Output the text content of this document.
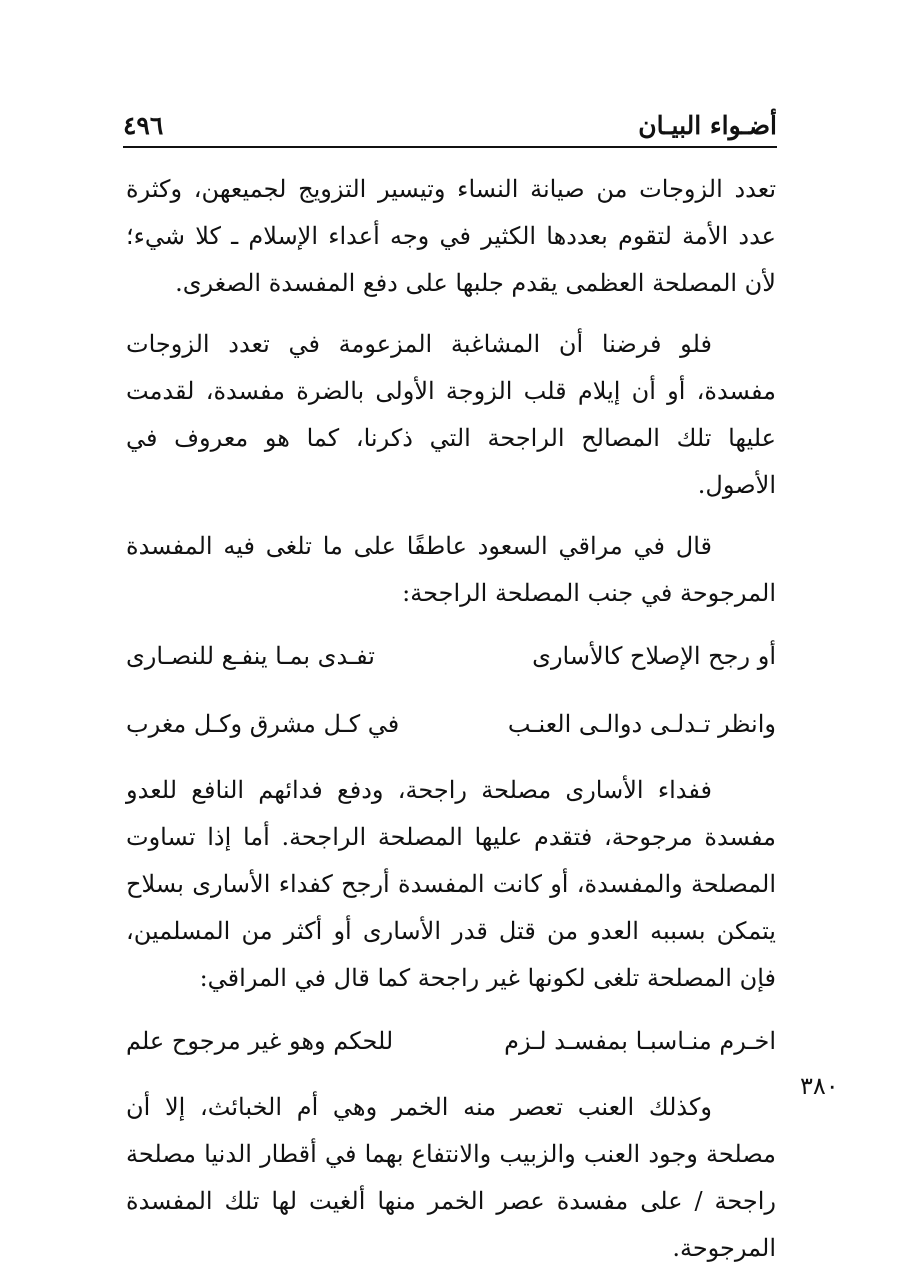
أضـواء البيـان
٤٩٦

تعدد الزوجات من صيانة النساء وتيسير التزويج لجميعهن، وكثرة عدد الأمة لتقوم بعددها الكثير في وجه أعداء الإسلام ـ كلا شيء؛ لأن المصلحة العظمى يقدم جلبها على دفع المفسدة الصغرى.

فلو فرضنا أن المشاغبة المزعومة في تعدد الزوجات مفسدة، أو أن إيلام قلب الزوجة الأولى بالضرة مفسدة، لقدمت عليها تلك المصالح الراجحة التي ذكرنا، كما هو معروف في الأصول.

قال في مراقي السعود عاطفًا على ما تلغى فيه المفسدة المرجوحة في جنب المصلحة الراجحة:

أو رجح الإصلاح كالأسارى
تفـدى بمـا ينفـع للنصـارى
وانظر تـدلـى دوالـى العنـب
في كـل مشرق وكـل مغرب

ففداء الأسارى مصلحة راجحة، ودفع فدائهم النافع للعدو مفسدة مرجوحة، فتقدم عليها المصلحة الراجحة. أما إذا تساوت المصلحة والمفسدة، أو كانت المفسدة أرجح كفداء الأسارى بسلاح يتمكن بسببه العدو من قتل قدر الأسارى أو أكثر من المسلمين، فإن المصلحة تلغى لكونها غير راجحة كما قال في المراقي:

اخـرم منـاسبـا بمفسـد لـزم
للحكم وهو غير مرجوح علم

وكذلك العنب تعصر منه الخمر وهي أم الخبائث، إلا أن مصلحة وجود العنب والزبيب والانتفاع بهما في أقطار الدنيا مصلحة راجحة / على مفسدة عصر الخمر منها ألغيت لها تلك المفسدة المرجوحة.

٣٨٠
